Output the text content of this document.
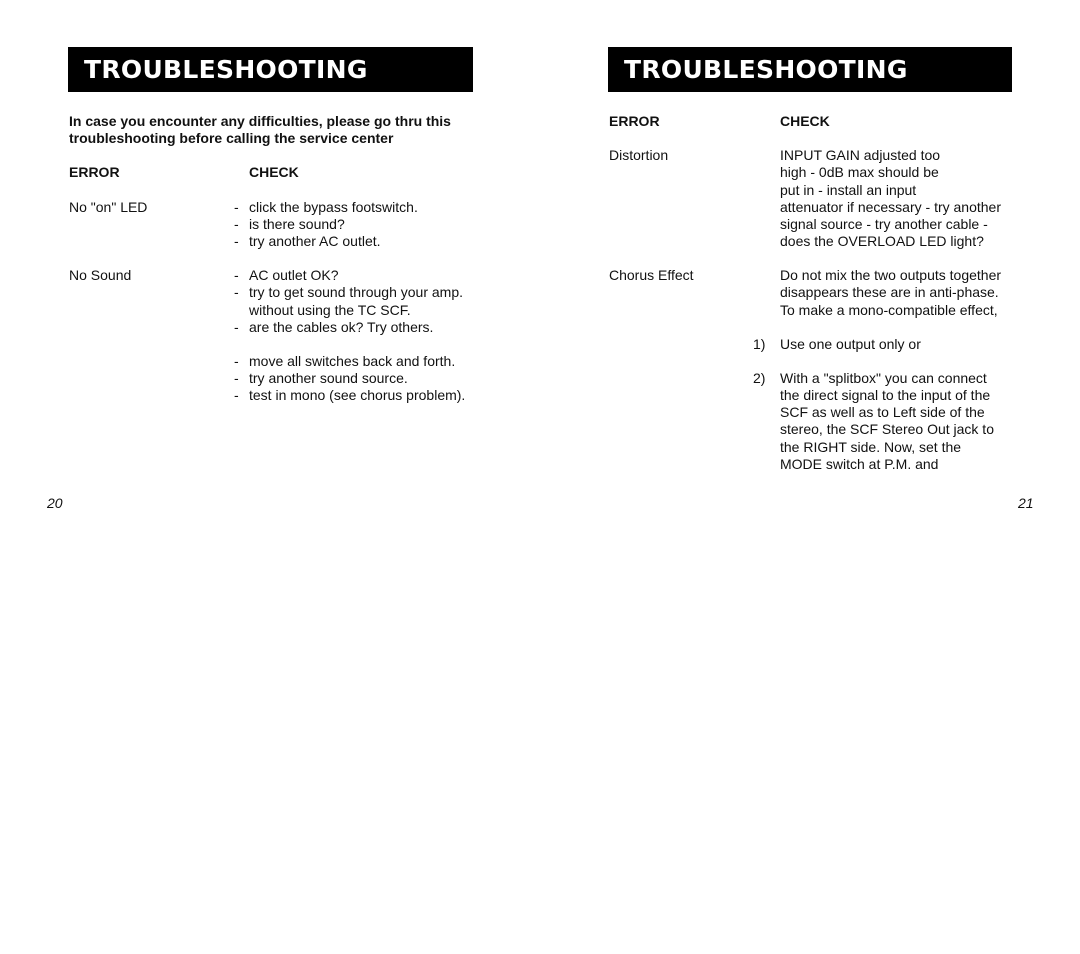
TROUBLESHOOTING
In case you encounter any difficulties, please go thru this
troubleshooting before calling the service center
ERROR	CHECK
No "on" LED	- click the bypass footswitch.
- is there sound?
- try another AC outlet.
No Sound	- AC outlet OK?
- try to get sound through your amp.
without using the TC SCF.
- are the cables ok? Try others.
- move all switches back and forth.
- try another sound source.
- test in mono (see chorus problem).
20
TROUBLESHOOTING
ERROR	CHECK
Distortion	INPUT GAIN adjusted too
high - 0dB max should be
put in - install an input
attenuator if necessary - try another
signal source - try another cable -
does the OVERLOAD LED light?
Chorus Effect	Do not mix the two outputs together
disappears these are in anti-phase.
To make a mono-compatible effect,
1) Use one output only or
2) With a "splitbox" you can connect
the direct signal to the input of the
SCF as well as to Left side of the
stereo, the SCF Stereo Out jack to
the RIGHT side. Now, set the
MODE switch at P.M. and
21
